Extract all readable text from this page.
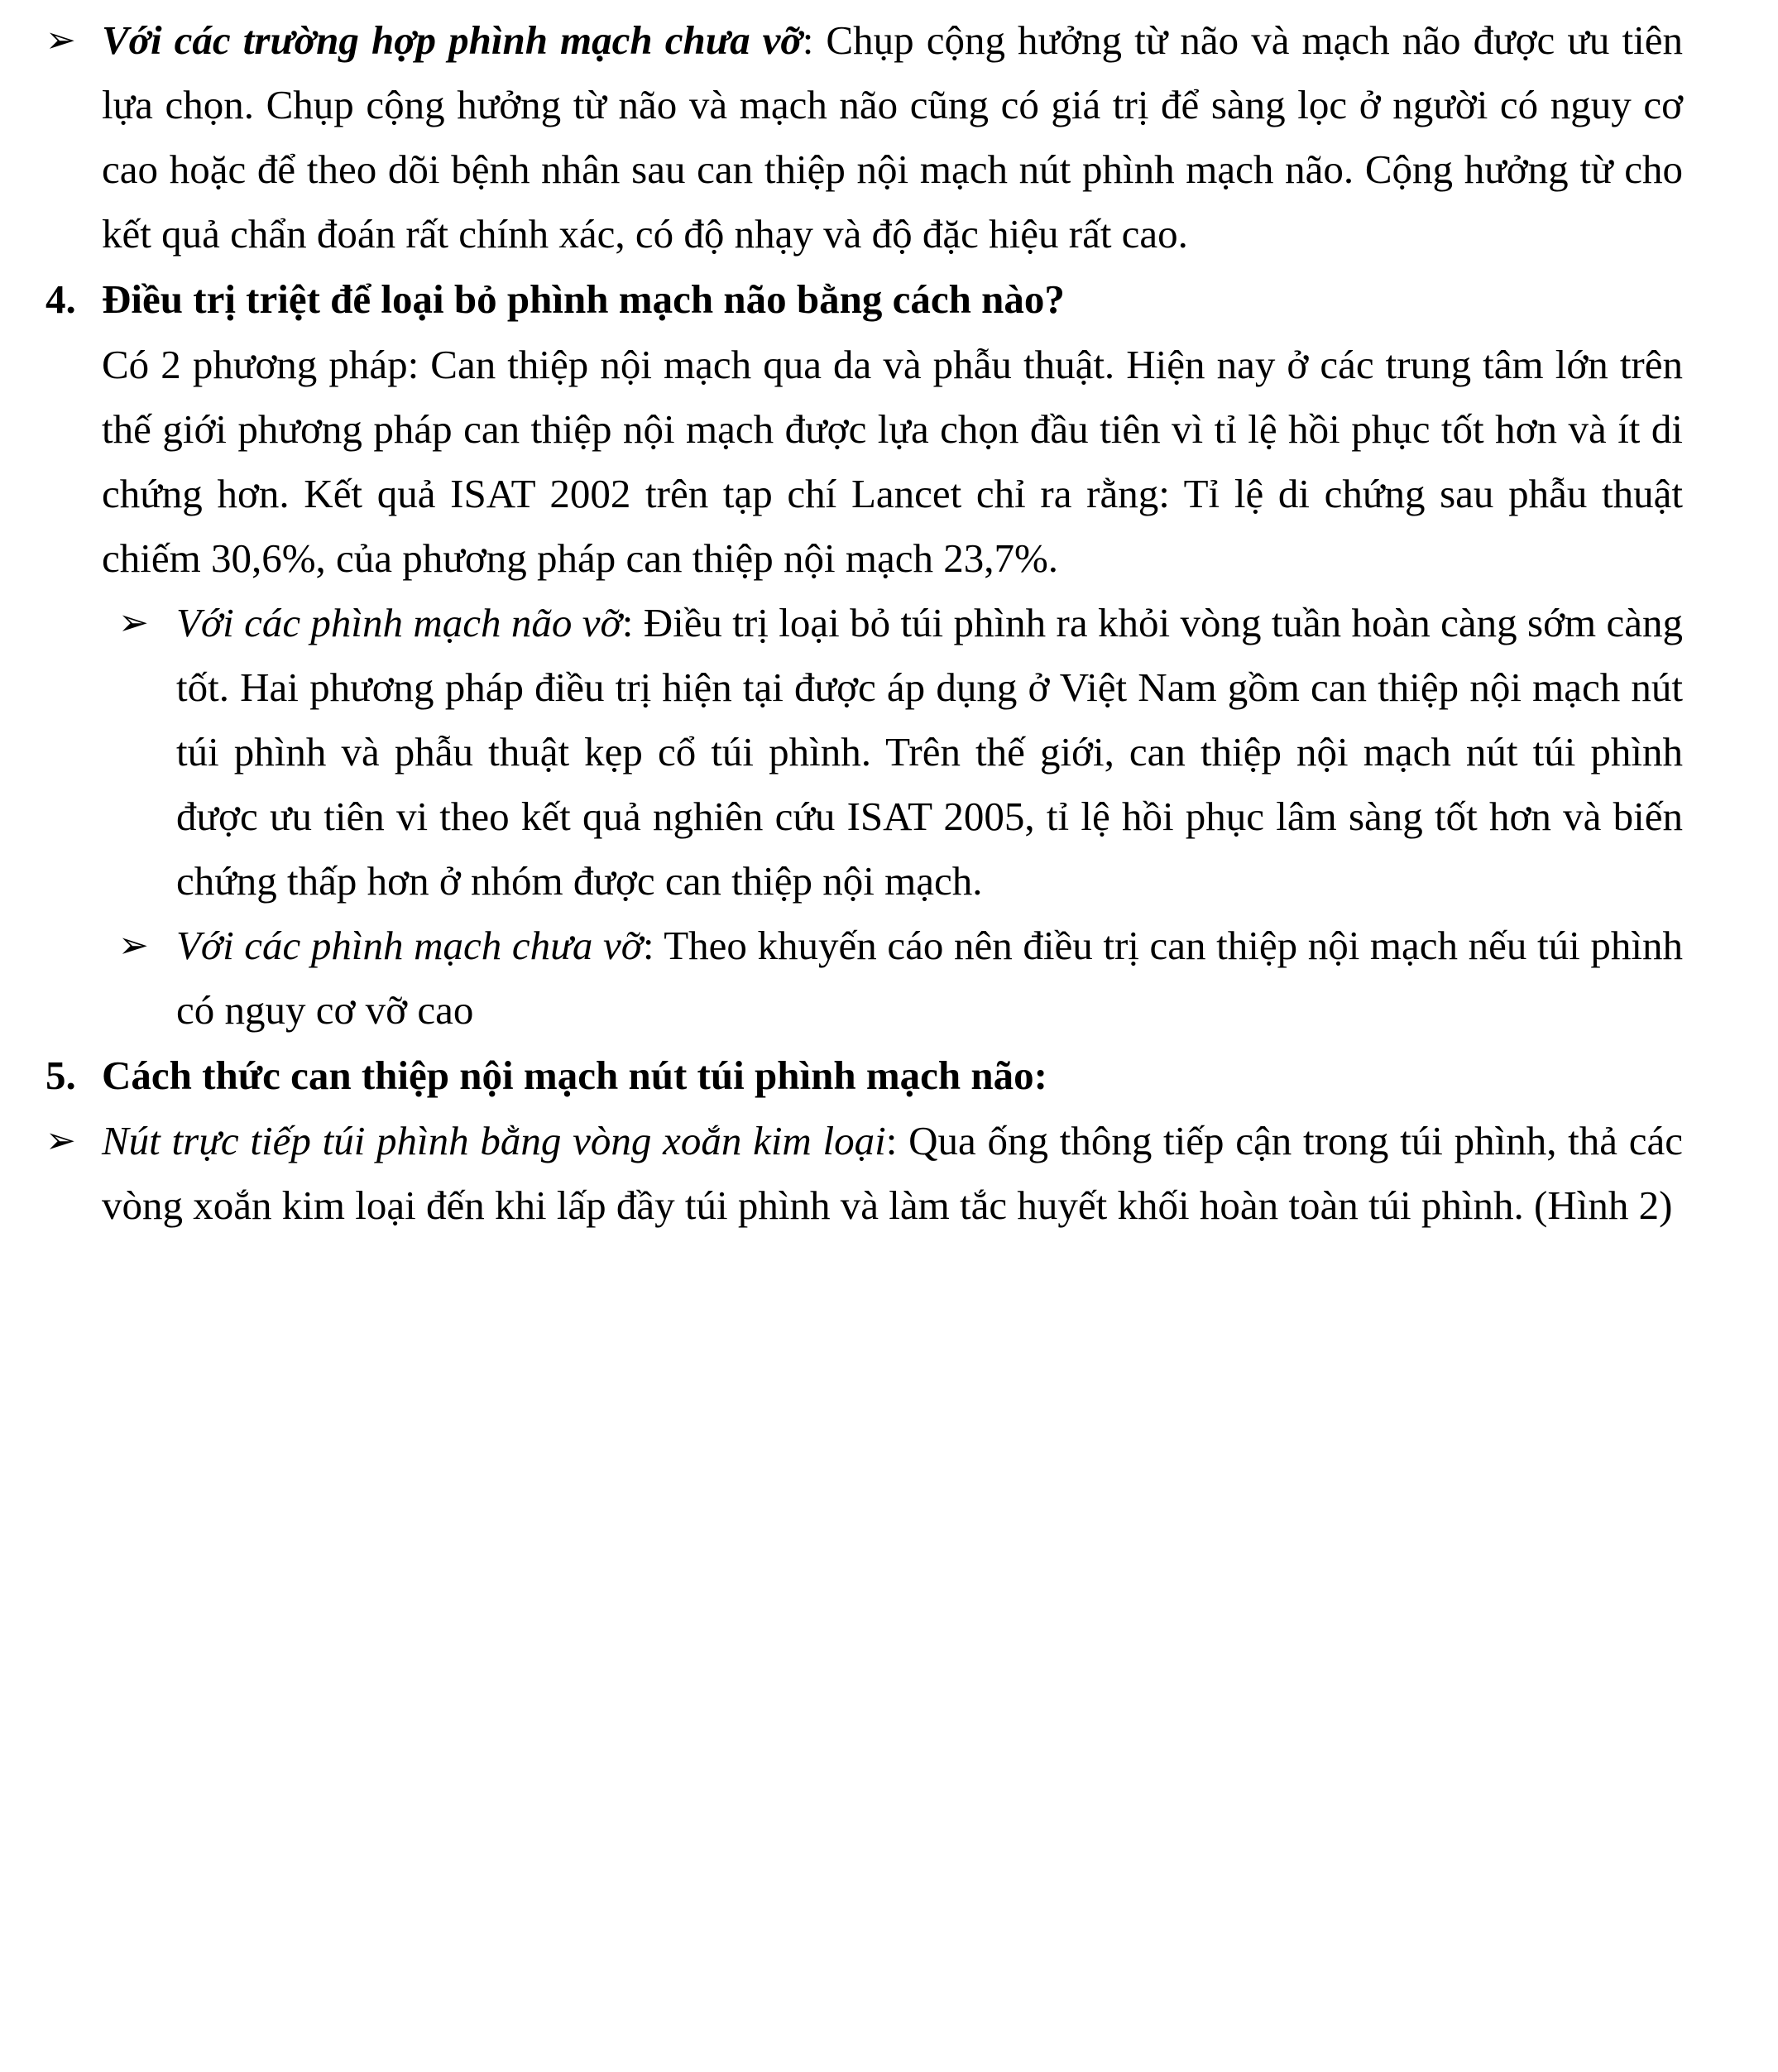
➢ Với các trường hợp phình mạch chưa vỡ: Chụp cộng hưởng từ não và mạch não được ưu tiên lựa chọn. Chụp cộng hưởng từ não và mạch não cũng có giá trị để sàng lọc ở người có nguy cơ cao hoặc để theo dõi bệnh nhân sau can thiệp nội mạch nút phình mạch não. Cộng hưởng từ cho kết quả chẩn đoán rất chính xác, có độ nhạy và độ đặc hiệu rất cao.
4. Điều trị triệt để loại bỏ phình mạch não bằng cách nào?

Có 2 phương pháp: Can thiệp nội mạch qua da và phẫu thuật. Hiện nay ở các trung tâm lớn trên thế giới phương pháp can thiệp nội mạch được lựa chọn đầu tiên vì tỉ lệ hồi phục tốt hơn và ít di chứng hơn. Kết quả ISAT 2002 trên tạp chí Lancet chỉ ra rằng: Tỉ lệ di chứng sau phẫu thuật chiếm 30,6%, của phương pháp can thiệp nội mạch 23,7%.

➢ Với các phình mạch não vỡ: Điều trị loại bỏ túi phình ra khỏi vòng tuần hoàn càng sớm càng tốt. Hai phương pháp điều trị hiện tại được áp dụng ở Việt Nam gồm can thiệp nội mạch nút túi phình và phẫu thuật kẹp cổ túi phình. Trên thế giới, can thiệp nội mạch nút túi phình được ưu tiên vi theo kết quả nghiên cứu ISAT 2005, tỉ lệ hồi phục lâm sàng tốt hơn và biến chứng thấp hơn ở nhóm được can thiệp nội mạch.
➢ Với các phình mạch chưa vỡ: Theo khuyến cáo nên điều trị can thiệp nội mạch nếu túi phình có nguy cơ vỡ cao
5. Cách thức can thiệp nội mạch nút túi phình mạch não:
➢ Nút trực tiếp túi phình bằng vòng xoắn kim loại: Qua ống thông tiếp cận trong túi phình, thả các vòng xoắn kim loại đến khi lấp đầy túi phình và làm tắc huyết khối hoàn toàn túi phình. (Hình 2)
